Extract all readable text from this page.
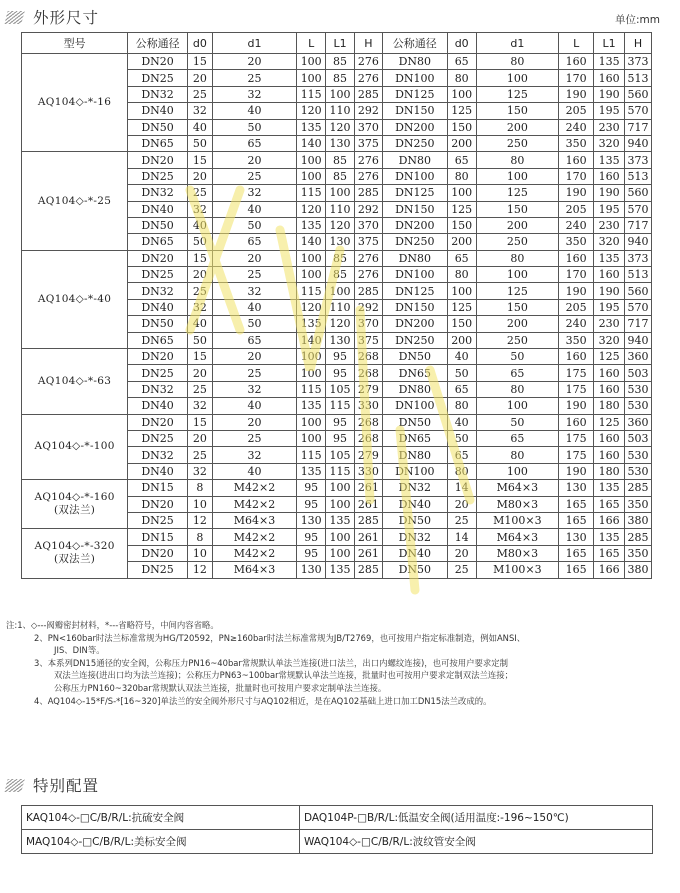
外形尺寸	单位:mm
型号	公称通径	d0	d1	L	L1	H	公称通径	d0	d1	L	L1	H
AQ104◇-*-16	DN20	15	20	100	85	276	DN80	65	80	160	135	373
	DN25	20	25	100	85	276	DN100	80	100	170	160	513
	DN32	25	32	115	100	285	DN125	100	125	190	190	560
	DN40	32	40	120	110	292	DN150	125	150	205	195	570
	DN50	40	50	135	120	370	DN200	150	200	240	230	717
	DN65	50	65	140	130	375	DN250	200	250	350	320	940
AQ104◇-*-25	DN20	15	20	100	85	276	DN80	65	80	160	135	373
	DN25	20	25	100	85	276	DN100	80	100	170	160	513
	DN32	25	32	115	100	285	DN125	100	125	190	190	560
	DN40	32	40	120	110	292	DN150	125	150	205	195	570
	DN50	40	50	135	120	370	DN200	150	200	240	230	717
	DN65	50	65	140	130	375	DN250	200	250	350	320	940
AQ104◇-*-40	DN20	15	20	100	85	276	DN80	65	80	160	135	373
	DN25	20	25	100	85	276	DN100	80	100	170	160	513
	DN32	25	32	115	100	285	DN125	100	125	190	190	560
	DN40	32	40	120	110	292	DN150	125	150	205	195	570
	DN50	40	50	135	120	370	DN200	150	200	240	230	717
	DN65	50	65	140	130	375	DN250	200	250	350	320	940
AQ104◇-*-63	DN20	15	20	100	95	268	DN50	40	50	160	125	360
	DN25	20	25	100	95	268	DN65	50	65	175	160	503
	DN32	25	32	115	105	279	DN80	65	80	175	160	530
	DN40	32	40	135	115	330	DN100	80	100	190	180	530
AQ104◇-*-100	DN20	15	20	100	95	268	DN50	40	50	160	125	360
	DN25	20	25	100	95	268	DN65	50	65	175	160	503
	DN32	25	32	115	105	279	DN80	65	80	175	160	530
	DN40	32	40	135	115	330	DN100	80	100	190	180	530
AQ104◇-*-160
(双法兰)	DN15	8	M42×2	95	100	261	DN32	14	M64×3	130	135	285
	DN20	10	M42×2	95	100	261	DN40	20	M80×3	165	165	350
	DN25	12	M64×3	130	135	285	DN50	25	M100×3	165	166	380
AQ104◇-*-320
(双法兰)	DN15	8	M42×2	95	100	261	DN32	14	M64×3	130	135	285
	DN20	10	M42×2	95	100	261	DN40	20	M80×3	165	165	350
	DN25	12	M64×3	130	135	285	DN50	25	M100×3	165	166	380
注:1、◇---阀瓣密封材料，*---省略符号，中间内容省略。
2、PN<160bar时法兰标准常规为HG/T20592，PN≥160bar时法兰标准常规为JB/T2769，也可按用户指定标准制造，例如ANSI、
JIS、DIN等。
3、本系列DN15通径的安全阀，公称压力PN16~40bar常规默认单法兰连接(进口法兰，出口内螺纹连接)，也可按用户要求定制
双法兰连接(进出口均为法兰连接)；公称压力PN63~100bar常规默认单法兰连接，批量时也可按用户要求定制双法兰连接；
公称压力PN160~320bar常规默认双法兰连接，批量时也可按用户要求定制单法兰连接。
4、AQ104◇-15*F/S-*[16~320]单法兰的安全阀外形尺寸与AQ102相近，是在AQ102基础上进口加工DN15法兰改成的。
特别配置
KAQ104◇-□C/B/R/L:抗硫安全阀	DAQ104P-□B/R/L:低温安全阀(适用温度:-196~150℃)
MAQ104◇-□C/B/R/L:美标安全阀	WAQ104◇-□C/B/R/L:波纹管安全阀
